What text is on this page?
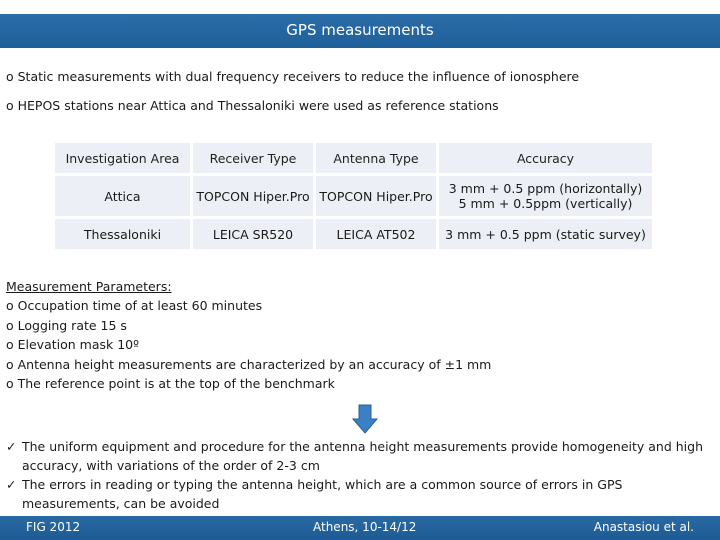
GPS measurements
o Static measurements with dual frequency receivers to reduce the influence of ionosphere
o HEPOS stations near Attica and Thessaloniki were used as reference stations
Investigation Area	Receiver Type	Antenna Type	Accuracy
Attica	TOPCON Hiper.Pro	TOPCON Hiper.Pro	3 mm + 0.5 ppm (horizontally)
5 mm + 0.5ppm (vertically)

Thessaloniki	LEICA SR520	LEICA AT502	3 mm + 0.5 ppm (static survey)
Measurement Parameters:
o Occupation time of at least 60 minutes
o Logging rate 15 s
o Elevation mask 10º
o Antenna height measurements are characterized by an accuracy of ±1 mm
o The reference point is at the top of the benchmark
✓ The uniform equipment and procedure for the antenna height measurements provide homogeneity and high accuracy, with variations of the order of 2-3 cm
✓ The errors in reading or typing the antenna height, which are a common source of errors in GPS measurements, can be avoided
FIG 2012	Athens, 10-14/12	Anastasiou et al.
